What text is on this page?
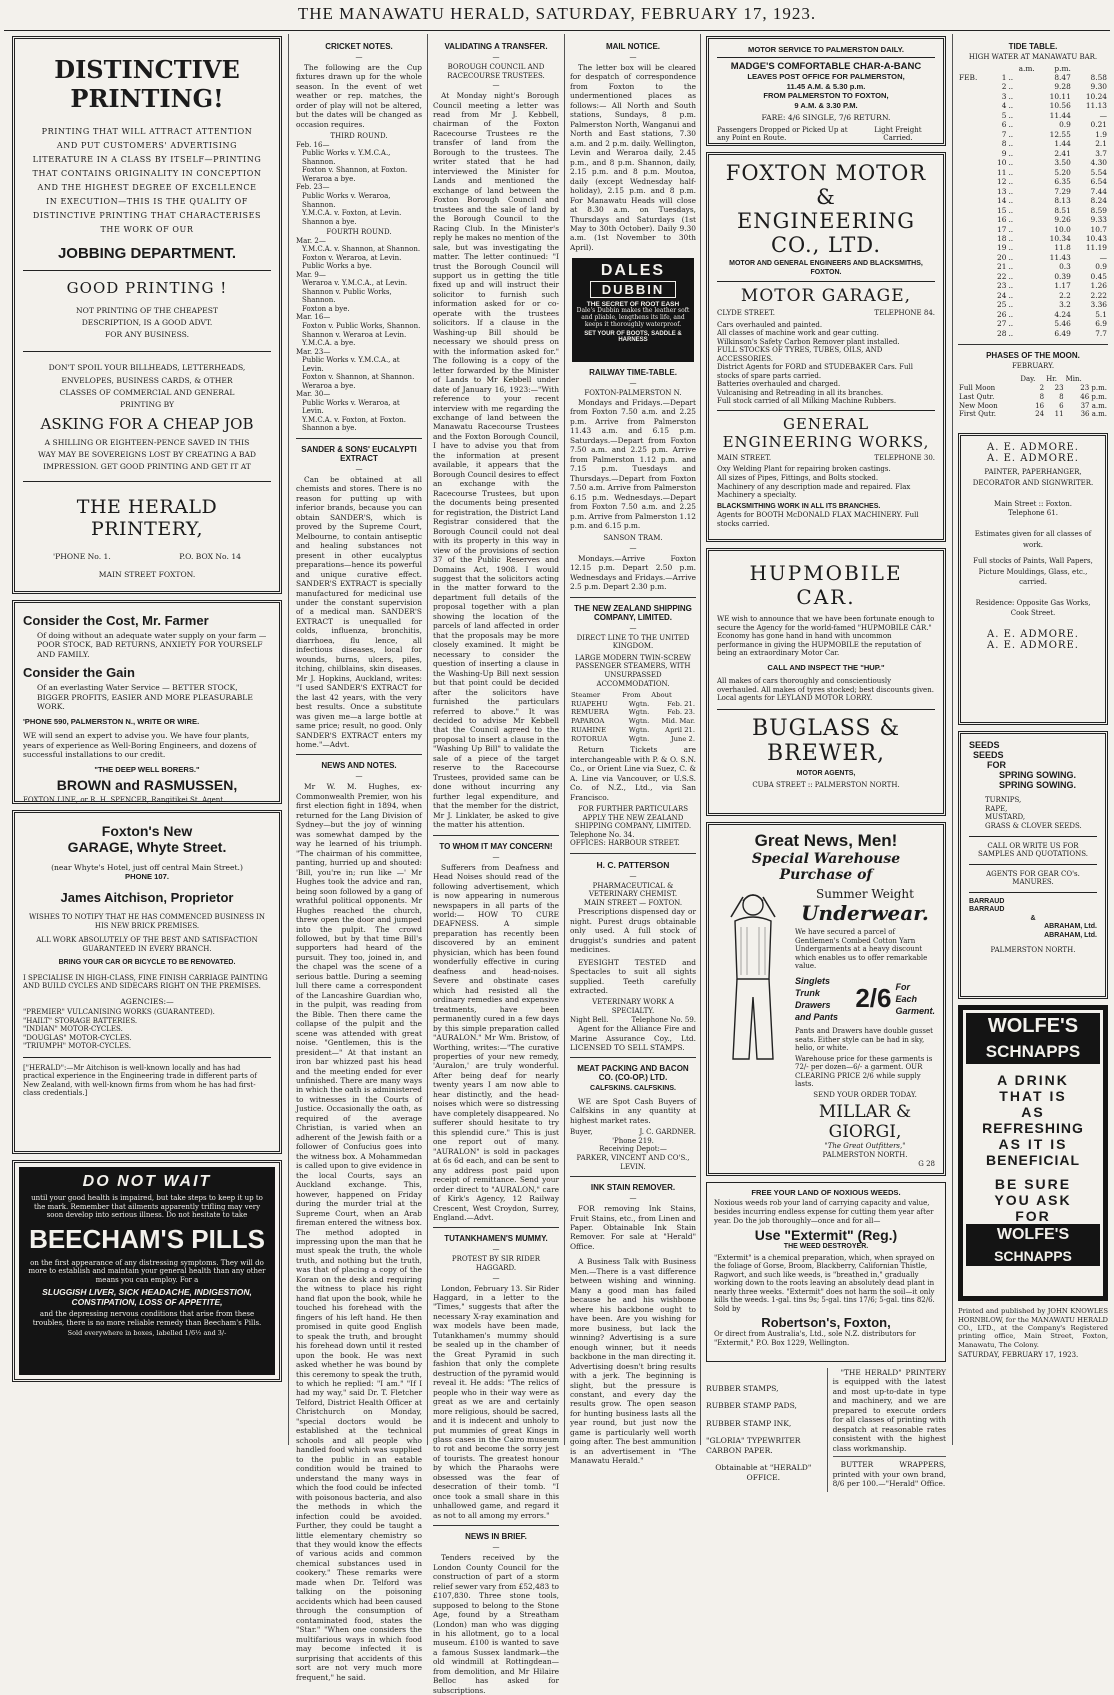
THE MANAWATU HERALD, SATURDAY, FEBRUARY 17, 1923.
DISTINCTIVE PRINTING!
PRINTING THAT WILL ATTRACT ATTENTION AND PUT CUSTOMERS' ADVERTISING LITERATURE IN A CLASS BY ITSELF—PRINTING THAT CONTAINS ORIGINALITY IN CONCEPTION AND THE HIGHEST DEGREE OF EXCELLENCE IN EXECUTION—THIS IS THE QUALITY OF DISTINCTIVE PRINTING THAT CHARACTERISES THE WORK OF OUR
JOBBING DEPARTMENT.
GOOD PRINTING !
NOT PRINTING OF THE CHEAPEST DESCRIPTION, IS A GOOD ADVT. FOR ANY BUSINESS.
DON'T SPOIL YOUR BILLHEADS, LETTERHEADS, ENVELOPES, BUSINESS CARDS, & OTHER CLASSES OF COMMERCIAL AND GENERAL PRINTING BY
ASKING FOR A CHEAP JOB
A SHILLING OR EIGHTEEN-PENCE SAVED IN THIS WAY MAY BE SOVEREIGNS LOST BY CREATING A BAD IMPRESSION. GET GOOD PRINTING AND GET IT AT
THE HERALD PRINTERY,
'PHONE No. 1.	P.O. BOX No. 14
MAIN STREET FOXTON.
Consider the Cost, Mr. Farmer
Of doing without an adequate water supply on your farm — POOR STOCK, BAD RETURNS, ANXIETY FOR YOURSELF AND FAMILY.
Consider the Gain
Of an everlasting Water Service — BETTER STOCK, BIGGER PROFITS, EASIER AND MORE PLEASURABLE WORK.
'PHONE 590, PALMERSTON N., WRITE OR WIRE.
WE will send an expert to advise you. We have four plants, years of experience as Well-Boring Engineers, and dozens of successful installations to our credit.
"THE DEEP WELL BORERS."
BROWN and RASMUSSEN,
FOXTON LINE, or R. H. SPENCER, Rangitikei St. Agent.
Foxton's New
GARAGE, Whyte Street.
(near Whyte's Hotel, just off central Main Street.)
PHONE 107.
James Aitchison, Proprietor
WISHES TO NOTIFY THAT HE HAS COMMENCED BUSINESS IN HIS NEW BRICK PREMISES.
ALL WORK ABSOLUTELY OF THE BEST AND SATISFACTION GUARANTEED IN EVERY BRANCH.
BRING YOUR CAR OR BICYCLE TO BE RENOVATED.
I SPECIALISE IN HIGH-CLASS, FINE FINISH CARRIAGE PAINTING AND BUILD CYCLES AND SIDECARS RIGHT ON THE PREMISES.
AGENCIES:—
"PREMIER" VULCANISING WORKS (GUARANTEED).
"HAILT" STORAGE BATTERIES.
"INDIAN" MOTOR-CYCLES.
"DOUGLAS" MOTOR-CYCLES.
"TRIUMPH" MOTOR-CYCLES.
["HERALD":—Mr Aitchison is well-known locally and has had practical experience in the Engineering trade in different parts of New Zealand, with well-known firms from whom he has had first-class credentials.]
DO NOT WAIT
until your good health is impaired, but take steps to keep it up to the mark. Remember that ailments apparently trifling may very soon develop into serious illness. Do not hesitate to take
BEECHAM'S PILLS
on the first appearance of any distressing symptoms. They will do more to establish and maintain your general health than any other means you can employ. For a
SLUGGISH LIVER, SICK HEADACHE, INDIGESTION, CONSTIPATION, LOSS OF APPETITE,
and the depressing nervous conditions that arise from these troubles, there is no more reliable remedy than Beecham's Pills.
Sold everywhere in boxes, labelled 1/6½ and 3/-
CRICKET NOTES.
—
The following are the Cup fixtures drawn up for the whole season. In the event of wet weather or rep. matches, the order of play will not be altered, but the dates will be changed as occasion requires.
THIRD ROUND.
Feb. 16—
Public Works v. Y.M.C.A., Shannon.
Foxton v. Shannon, at Foxton.
Weraroa a bye.
Feb. 23—
Public Works v. Weraroa, Shannon.
Y.M.C.A. v. Foxton, at Levin.
Shannon a bye.
FOURTH ROUND.
Mar. 2—
Y.M.C.A. v. Shannon, at Shannon.
Foxton v. Weraroa, at Levin.
Public Works a bye.
Mar. 9—
Weraroa v. Y.M.C.A., at Levin.
Shannon v. Public Works, Shannon.
Foxton a bye.
Mar. 16—
Foxton v. Public Works, Shannon.
Shannon v. Weraroa at Levin.
Y.M.C.A. a bye.
Mar. 23—
Public Works v. Y.M.C.A., at Levin.
Foxton v. Shannon, at Shannon.
Weraroa a bye.
Mar. 30—
Public Works v. Weraroa, at Levin.
Y.M.C.A. v. Foxton, at Foxton.
Shannon a bye.
SANDER & SONS' EUCALYPTI EXTRACT
—
Can be obtained at all chemists and stores. There is no reason for putting up with inferior brands, because you can obtain SANDER'S, which is proved by the Supreme Court, Melbourne, to contain antiseptic and healing substances not present in other eucalyptus preparations—hence its powerful and unique curative effect. SANDER'S EXTRACT is specially manufactured for medicinal use under the constant supervision of a medical man. SANDER'S EXTRACT is unequalled for colds, influenza, bronchitis, diarrhoea, flu lence, all infectious diseases, local for wounds, burns, ulcers, piles, itching, chilblains, skin diseases. Mr J. Hopkins, Auckland, writes: "I used SANDER'S EXTRACT for the last 42 years, with the very best results. Once a substitute was given me—a large bottle at same price; result, no good. Only SANDER'S EXTRACT enters my home."—Advt.
NEWS AND NOTES.
—
Mr W. M. Hughes, ex-Commonwealth Premier, won his first election fight in 1894, when returned for the Lang Division of Sydney—but the joy of winning was somewhat damped by the way he learned of his triumph. "The chairman of his committee, panting, hurried up and shouted: 'Bill, you're in; run like —' Mr Hughes took the advice and ran, being soon followed by a gang of wrathful political opponents. Mr Hughes reached the church, threw open the door and jumped into the pulpit. The crowd followed, but by that time Bill's supporters had heard of the pursuit. They too, joined in, and the chapel was the scene of a serious battle. During a seeming lull there came a correspondent of the Lancashire Guardian who, in the pulpit, was reading from the Bible. Then there came the collapse of the pulpit and the scene was attended with great noise. "Gentlemen, this is the president—" At that instant an iron bar whizzed past his head and the meeting ended for ever unfinished. There are many ways in which the oath is administered to witnesses in the Courts of Justice. Occasionally the oath, as required of the average Christian, is varied when an adherent of the Jewish faith or a follower of Confucius goes into the witness box. A Mohammedan is called upon to give evidence in the local Courts, says an Auckland exchange. This, however, happened on Friday during the murder trial at the Supreme Court, when an Arab fireman entered the witness box. The method adopted in impressing upon the man that he must speak the truth, the whole truth, and nothing but the truth, was that of placing a copy of the Koran on the desk and requiring the witness to place his right hand flat upon the book, while he touched his forehead with the fingers of his left hand. He then promised in quite good English to speak the truth, and brought his forehead down until it rested upon the book. He was next asked whether he was bound by this ceremony to speak the truth, to which he replied: "I am." "If I had my way," said Dr. T. Fletcher Telford, District Health Officer at Christchurch on Monday, "special doctors would be established at the technical schools and all people who handled food which was supplied to the public in an eatable condition would be trained to understand the many ways in which the food could be infected with poisonous bacteria, and also the methods in which the infection could be avoided. Further, they could be taught a little elementary chemistry so that they would know the effects of various acids and common chemical substances used in cookery." These remarks were made when Dr. Telford was talking on the poisoning accidents which had been caused through the consumption of contaminated food, states the "Star." "When one considers the multifarious ways in which food may become infected it is surprising that accidents of this sort are not very much more frequent," he said.
VALIDATING A TRANSFER.
—
BOROUGH COUNCIL AND RACECOURSE TRUSTEES.
—
At Monday night's Borough Council meeting a letter was read from Mr J. Kebbell, chairman of the Foxton Racecourse Trustees re the transfer of land from the Borough to the trustees. The writer stated that he had interviewed the Minister for Lands and mentioned the exchange of land between the Foxton Borough Council and trustees and the sale of land by the Borough Council to the Racing Club. In the Minister's reply he makes no mention of the sale, but was investigating the matter. The letter continued: "I trust the Borough Council will support us in getting the title fixed up and will instruct their solicitor to furnish such information asked for or co-operate with the trustees solicitors. If a clause in the Washing-up Bill should be necessary we should press on with the information asked for." The following is a copy of the letter forwarded by the Minister of Lands to Mr Kebbell under date of January 16, 1923:—"With reference to your recent interview with me regarding the exchange of land between the Manawatu Racecourse Trustees and the Foxton Borough Council, I have to advise you that from the information at present available, it appears that the Borough Council desires to effect an exchange with the Racecourse Trustees, but upon the documents being presented for registration, the District Land Registrar considered that the Borough Council could not deal with its property in this way in view of the provisions of section 37 of the Public Reserves and Domains Act, 1908. I would suggest that the solicitors acting in the matter forward to the department full details of the proposal together with a plan showing the location of the parcels of land affected in order that the proposals may be more closely examined. It might be necessary to consider the question of inserting a clause in the Washing-Up Bill next session but that point could be decided after the solicitors have furnished the particulars referred to above." It was decided to advise Mr Kebbell that the Council agreed to the proposal to insert a clause in the "Washing Up Bill" to validate the sale of a piece of the target reserve to the Racecourse Trustees, provided same can be done without incurring any further legal expenditure, and that the member for the district, Mr J. Linklater, be asked to give the matter his attention.
TO WHOM IT MAY CONCERN!
—
Sufferers from Deafness and Head Noises should read of the following advertisement, which is now appearing in numerous newspapers in all parts of the world:— HOW TO CURE DEAFNESS. A simple preparation has recently been discovered by an eminent physician, which has been found wonderfully effective in curing deafness and head-noises. Severe and obstinate cases which had resisted all the ordinary remedies and expensive treatments, have been permanently cured in a few days by this simple preparation called "AURALON." Mr Wm. Bristow, of Worthing, writes:—"The curative properties of your new remedy, 'Auralon,' are truly wonderful. After being deaf for nearly twenty years I am now able to hear distinctly, and the head-noises which were so distressing have completely disappeared. No sufferer should hesitate to try this splendid cure." This is just one report out of many. "AURALON" is sold in packages at 6s 6d each, and can be sent to any address post paid upon receipt of remittance. Send your order direct to "AURALON," care of Kirk's Agency, 12 Railway Crescent, West Croydon, Surrey, England.—Advt.
TUTANKHAMEN'S MUMMY.
—
PROTEST BY SIR RIDER HAGGARD.
—
London, February 13. Sir Rider Haggard, in a letter to the "Times," suggests that after the necessary X-ray examination and wax models have been made, Tutankhamen's mummy should be sealed up in the chamber of the Great Pyramid in such fashion that only the complete destruction of the pyramid would reveal it. He adds: "The relics of people who in their way were as great as we are and certainly more religious, should be sacred, and it is indecent and unholy to put mummies of great Kings in glass cases in the Cairo museum to rot and become the sorry jest of tourists. The greatest honour by which the Pharaohs were obsessed was the fear of desecration of their tomb. "I once took a small share in this unhallowed game, and regard it as not to all among my errors."
NEWS IN BRIEF.
—
Tenders received by the London County Council for the construction of part of a storm relief sewer vary from £52,483 to £107,830. Three stone tools, supposed to belong to the Stone Age, found by a Streatham (London) man who was digging in his allotment, go to a local museum. £100 is wanted to save a famous Sussex landmark—the old windmill at Rottingdean—from demolition, and Mr Hilaire Belloc has asked for subscriptions.
MAIL NOTICE.
—
The letter box will be cleared for despatch of correspondence from Foxton to the undermentioned places as follows:— All North and South stations, Sundays, 8 p.m. Palmerston North, Wanganui and North and East stations, 7.30 a.m. and 2 p.m. daily. Wellington, Levin and Weraroa daily, 2.45 p.m., and 8 p.m. Shannon, daily, 2.15 p.m. and 8 p.m. Moutoa, daily (except Wednesday half-holiday), 2.15 p.m. and 8 p.m. For Manawatu Heads will close at 8.30 a.m. on Tuesdays, Thursdays and Saturdays (1st May to 30th October). Daily 9.30 a.m. (1st November to 30th April).
DALES
DUBBIN
THE SECRET OF ROOT EASH
Dale's Dubbin makes the leather soft and pliable, lengthens its life, and keeps it thoroughly waterproof.
SET YOUR OF BOOTS, SADDLE & HARNESS
RAILWAY TIME-TABLE.
—
FOXTON-PALMERSTON N.
Mondays and Fridays.—Depart from Foxton 7.50 a.m. and 2.25 p.m. Arrive from Palmerston 11.43 a.m. and 6.15 p.m. Saturdays.—Depart from Foxton 7.50 a.m. and 2.25 p.m. Arrive from Palmerston 1.12 p.m. and 7.15 p.m. Tuesdays and Thursdays.—Depart from Foxton 7.50 a.m. Arrive from Palmerston 6.15 p.m. Wednesdays.—Depart from Foxton 7.50 a.m. and 2.25 p.m. Arrive from Palmerston 1.12 p.m. and 6.15 p.m.
SANSON TRAM.
—
Mondays.—Arrive Foxton 12.15 p.m. Depart 2.50 p.m. Wednesdays and Fridays.—Arrive 2.5 p.m. Depart 2.30 p.m.
THE NEW ZEALAND SHIPPING COMPANY, LIMITED.
—
DIRECT LINE TO THE UNITED KINGDOM.
LARGE MODERN TWIN-SCREW PASSENGER STEAMERS, WITH UNSURPASSED ACCOMMODATION.
Steamer	From	About
RUAPEHU	Wgtn.	Feb. 21.
REMUERA	Wgtn.	Feb. 23.
PAPAROA	Wgtn.	Mid. Mar.
RUAHINE	Wgtn.	April 21.
ROTORUA	Wgtn.	June 2.
Return Tickets are interchangeable with P. & O. S.N. Co., or Orient Line via Suez, C. & A. Line via Vancouver, or U.S.S. Co. of N.Z., Ltd., via San Francisco.
FOR FURTHER PARTICULARS APPLY THE NEW ZEALAND SHIPPING COMPANY, LIMITED.
Telephone No. 34.
OFFICES: HARBOUR STREET.
H. C. PATTERSON
—
PHARMACEUTICAL & VETERINARY CHEMIST.
MAIN STREET — FOXTON.
Prescriptions dispensed day or night. Purest drugs obtainable only used. A full stock of druggist's sundries and patent medicines.
EYESIGHT TESTED and Spectacles to suit all sights supplied. Teeth carefully extracted.
VETERINARY WORK A SPECIALTY.
Night Bell.	Telephone No. 59.
Agent for the Alliance Fire and Marine Assurance Coy., Ltd. LICENSED TO SELL STAMPS.
MEAT PACKING AND BACON CO. (CO-OP.) LTD.
CALFSKINS. CALFSKINS.
WE are Spot Cash Buyers of Calfskins in any quantity at highest market rates.
Buyer,	J. C. GARDNER.
'Phone 219.
Receiving Depot:—
PARKER, VINCENT AND CO'S., LEVIN.
INK STAIN REMOVER.
—
FOR removing Ink Stains, Fruit Stains, etc., from Linen and Paper. Obtainable Ink Stain Remover. For sale at "Herald" Office.
A Business Talk with Business Men.—There is a vast difference between wishing and winning. Many a good man has failed because he and his wishbone where his backbone ought to have been. Are you wishing for more business, but lack the winning? Advertising is a sure enough winner, but it needs backbone in the man directing it. Advertising doesn't bring results with a jerk. The beginning is slight, but the pressure is constant, and every day the results grow. The open season for hunting business lasts all the year round, but just now the game is particularly well worth going after. The best ammunition is an advertisement in "The Manawatu Herald."
MOTOR SERVICE TO PALMERSTON DAILY.
MADGE'S COMFORTABLE CHAR-A-BANC
LEAVES POST OFFICE FOR PALMERSTON,
11.45 A.M. & 5.30 p.m.
FROM PALMERSTON TO FOXTON,
9 A.M. & 3.30 P.M.
FARE: 4/6 SINGLE, 7/6 RETURN.
Passengers Dropped or Picked Up at any Point en Route.
Light Freight Carried.
FOXTON MOTOR &
ENGINEERING
CO., LTD.
MOTOR AND GENERAL ENGINEERS AND BLACKSMITHS, FOXTON.
MOTOR GARAGE,
CLYDE STREET.	TELEPHONE 84.
Cars overhauled and painted.
All classes of machine work and gear cutting.
Wilkinson's Safety Carbon Remover plant installed.
FULL STOCKS OF TYRES, TUBES, OILS, AND ACCESSORIES.
District Agents for FORD and STUDEBAKER Cars. Full stocks of spare parts carried.
Batteries overhauled and charged.
Vulcanising and Retreading in all its branches.
Full stock carried of all Milking Machine Rubbers.
GENERAL ENGINEERING WORKS,
MAIN STREET.	TELEPHONE 30.
Oxy Welding Plant for repairing broken castings.
All sizes of Pipes, Fittings, and Bolts stocked.
Machinery of any description made and repaired. Flax Machinery a specialty.
BLACKSMITHING WORK IN ALL ITS BRANCHES.
Agents for BOOTH McDONALD FLAX MACHINERY. Full stocks carried.
HUPMOBILE CAR.
WE wish to announce that we have been fortunate enough to secure the Agency for the world-famed "HUPMOBILE CAR." Economy has gone hand in hand with uncommon performance in giving the HUPMOBILE the reputation of being an extraordinary Motor Car.
CALL AND INSPECT THE "HUP."
All makes of cars thoroughly and conscientiously overhauled. All makes of tyres stocked; best discounts given. Local agents for LEYLAND MOTOR LORRY.
BUGLASS & BREWER,
MOTOR AGENTS,
CUBA STREET :: PALMERSTON NORTH.
Great News, Men!
Special Warehouse Purchase of
Summer Weight
Underwear.
We have secured a parcel of Gentlemen's Combed Cotton Yarn Undergarments at a heavy discount which enables us to offer remarkable value.
Singlets
Trunk Drawers
and Pants
2/6 For
Each
Garment.
Pants and Drawers have double gusset seats. Either style can be had in sky, helio, or white.
Warehouse price for these garments is 72/- per dozen—6/- a garment. OUR CLEARING PRICE 2/6 while supply lasts.
SEND YOUR ORDER TODAY.
MILLAR & GIORGI,
"The Great Outfitters,"
PALMERSTON NORTH.
G 28
FREE YOUR LAND OF NOXIOUS WEEDS.
Noxious weeds rob your land of carrying capacity and value, besides incurring endless expense for cutting them year after year. Do the job thoroughly—once and for all—
Use "Extermit" (Reg.)
THE WEED DESTROYER.
"Extermit" is a chemical preparation, which, when sprayed on the foliage of Gorse, Broom, Blackberry, Californian Thistle, Ragwort, and such like weeds, is "breathed in," gradually working down to the roots leaving an absolutely dead plant in nearly three weeks. "Extermit" does not harm the soil—it only kills the weeds. 1-gal. tins 9s; 5-gal. tins 17/6; 5-gal. tins 82/6. Sold by
Robertson's, Foxton,
Or direct from Australia's, Ltd., sole N.Z. distributors for "Extermit," P.O. Box 1229, Wellington.
RUBBER STAMPS,
RUBBER STAMP PADS,
RUBBER STAMP INK,
"GLORIA" TYPEWRITER CARBON PAPER.
Obtainable at "HERALD" OFFICE.
"THE HERALD" PRINTERY is equipped with the latest and most up-to-date in type and machinery, and we are prepared to execute orders for all classes of printing with despatch at reasonable rates consistent with the highest class workmanship.
BUTTER WRAPPERS, printed with your own brand, 8/6 per 100.—"Herald" Office.
TIDE TABLE.
HIGH WATER AT MANAWATU BAR.
		a.m.	p.m.	
FEB.	1	..	8.47	8.58
	2	..	9.28	9.30
	3	..	10.11	10.24
	4	..	10.56	11.13
	5	..	11.44	—
	6	..	0.9	0.21
	7	..	12.55	1.9
	8	..	1.44	2.1
	9	..	2.41	3.7
	10	..	3.50	4.30
	11	..	5.20	5.54
	12	..	6.35	6.54
	13	..	7.29	7.44
	14	..	8.13	8.24
	15	..	8.51	8.59
	16	..	9.26	9.33
	17	..	10.0	10.7
	18	..	10.34	10.43
	19	..	11.8	11.19
	20	..	11.43	—
	21	..	0.3	0.9
	22	..	0.39	0.45
	23	..	1.17	1.26
	24	..	2.2	2.22
	25	..	3.2	3.36
	26	..	4.24	5.1
	27	..	5.46	6.9
	28	..	6.49	7.7
PHASES OF THE MOON.
FEBRUARY.
	Day.	Hr.	Min.
Full Moon	2	23	23 p.m.
Last Qutr.	8	8	46 p.m.
New Moon	16	6	37 a.m.
First Qutr.	24	11	36 a.m.
A. E. ADMORE.
A. E. ADMORE.
PAINTER, PAPERHANGER, DECORATOR AND SIGNWRITER.
Main Street :: Foxton.
Telephone 61.
Estimates given for all classes of work.
Full stocks of Paints, Wall Papers, Picture Mouldings, Glass, etc., carried.
Residence: Opposite Gas Works, Cook Street.
A. E. ADMORE.
A. E. ADMORE.
SEEDS
SEEDS
FOR
SPRING SOWING.
SPRING SOWING.
TURNIPS,
RAPE,
MUSTARD,
GRASS & CLOVER SEEDS.
CALL OR WRITE US FOR SAMPLES AND QUOTATIONS.
AGENTS FOR GEAR CO's. MANURES.
BARRAUD
BARRAUD
&
ABRAHAM, Ltd.
ABRAHAM, Ltd.
PALMERSTON NORTH.
WOLFE'S
SCHNAPPS
A DRINK
THAT IS
AS
REFRESHING
AS IT IS
BENEFICIAL
BE SURE
YOU ASK
FOR
WOLFE'S
SCHNAPPS
Printed and published by JOHN KNOWLES HORNBLOW, for the MANAWATU HERALD CO., LTD., at the Company's Registered printing office, Main Street, Foxton, Manawatu, The Colony.
SATURDAY, FEBRUARY 17, 1923.
